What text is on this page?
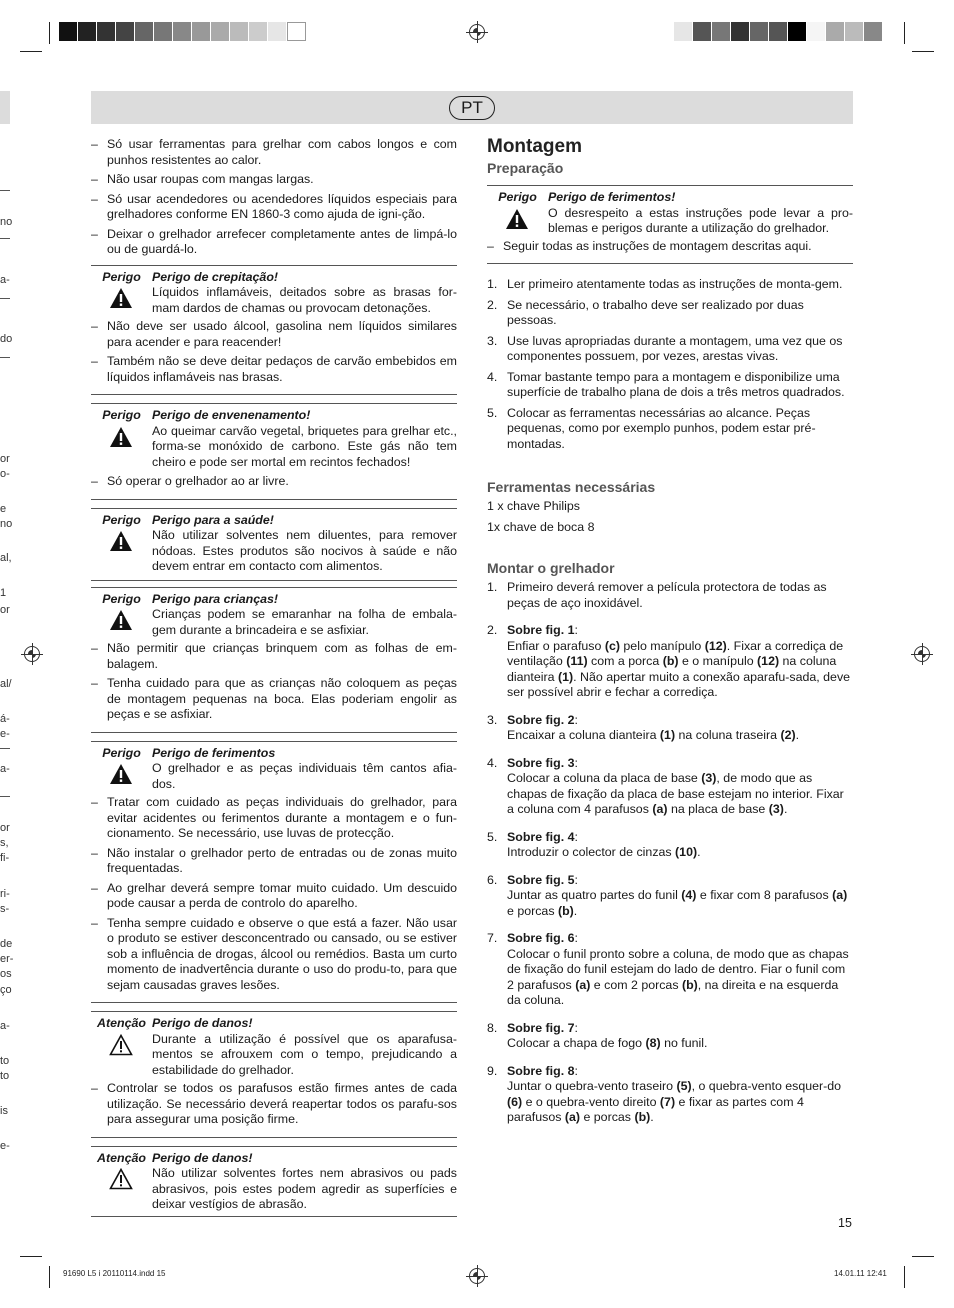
no
a-
do
or
o-
e
no
al,
1
or
al/
á-
e-
a-
or
s,
fi-
ri-
s-
de
er-
os
ço
a-
to
to
is
e-
PT
– Só usar ferramentas para grelhar com cabos longos e com punhos resistentes ao calor.
– Não usar roupas com mangas largas.
– Só usar acendedores ou acendedores líquidos especiais para grelhadores conforme EN 1860-3 como ajuda de igni-ção.
– Deixar o grelhador arrefecer completamente antes de limpá-lo ou de guardá-lo.
Perigo Perigo de crepitação!
Líquidos inflamáveis, deitados sobre as brasas for-mam dardos de chamas ou provocam detonações.
– Não deve ser usado álcool, gasolina nem líquidos similares para acender e para reacender!
– Também não se deve deitar pedaços de carvão embebidos em líquidos inflamáveis nas brasas.
Perigo Perigo de envenenamento!
Ao queimar carvão vegetal, briquetes para grelhar etc., forma-se monóxido de carbono. Este gás não tem cheiro e pode ser mortal em recintos fechados!
– Só operar o grelhador ao ar livre.
Perigo Perigo para a saúde!
Não utilizar solventes nem diluentes, para remover nódoas. Estes produtos são nocivos à saúde e não devem entrar em contacto com alimentos.
Perigo Perigo para crianças!
Crianças podem se emaranhar na folha de embala-gem durante a brincadeira e se asfixiar.
– Não permitir que crianças brinquem com as folhas de em-balagem.
– Tenha cuidado para que as crianças não coloquem as peças de montagem pequenas na boca. Elas poderiam engolir as peças e se asfixiar.
Perigo Perigo de ferimentos
O grelhador e as peças individuais têm cantos afia-dos.
– Tratar com cuidado as peças individuais do grelhador, para evitar acidentes ou ferimentos durante a montagem e o fun-cionamento. Se necessário, use luvas de protecção.
– Não instalar o grelhador perto de entradas ou de zonas muito frequentadas.
– Ao grelhar deverá sempre tomar muito cuidado. Um descuido pode causar a perda de controlo do aparelho.
– Tenha sempre cuidado e observe o que está a fazer. Não usar o produto se estiver desconcentrado ou cansado, ou se estiver sob a influência de drogas, álcool ou remédios. Basta um curto momento de inadvertência durante o uso do produ-to, para que sejam causadas graves lesões.
Atenção Perigo de danos!
Durante a utilização é possível que os aparafusa-mentos se afrouxem com o tempo, prejudicando a estabilidade do grelhador.
– Controlar se todos os parafusos estão firmes antes de cada utilização. Se necessário deverá reapertar todos os parafu-sos para assegurar uma posição firme.
Atenção Perigo de danos!
Não utilizar solventes fortes nem abrasivos ou pads abrasivos, pois estes podem agredir as superfícies e deixar vestígios de abrasão.
Montagem
Preparação
Perigo Perigo de ferimentos!
O desrespeito a estas instruções pode levar a pro-blemas e perigos durante a utilização do grelhador.
– Seguir todas as instruções de montagem descritas aqui.
1. Ler primeiro atentamente todas as instruções de monta-gem.
2. Se necessário, o trabalho deve ser realizado por duas pessoas.
3. Use luvas apropriadas durante a montagem, uma vez que os componentes possuem, por vezes, arestas vivas.
4. Tomar bastante tempo para a montagem e disponibilize uma superfície de trabalho plana de dois a três metros quadrados.
5. Colocar as ferramentas necessárias ao alcance. Peças pequenas, como por exemplo punhos, podem estar pré-montadas.
Ferramentas necessárias
1 x chave Philips
1x chave de boca 8
Montar o grelhador
1. Primeiro deverá remover a película protectora de todas as peças de aço inoxidável.
2. Sobre fig. 1:
Enfiar o parafuso (c) pelo manípulo (12). Fixar a corrediça de ventilação (11) com a porca (b) e o manípulo (12) na coluna dianteira (1). Não apertar muito a conexão aparafu-sada, deve ser possível abrir e fechar a corrediça.
3. Sobre fig. 2:
Encaixar a coluna dianteira (1) na coluna traseira (2).
4. Sobre fig. 3:
Colocar a coluna da placa de base (3), de modo que as chapas de fixação da placa de base estejam no interior. Fixar a coluna com 4 parafusos (a) na placa de base (3).
5. Sobre fig. 4:
Introduzir o colector de cinzas (10).
6. Sobre fig. 5:
Juntar as quatro partes do funil (4) e fixar com 8 parafusos (a) e porcas (b).
7. Sobre fig. 6:
Colocar o funil pronto sobre a coluna, de modo que as chapas de fixação do funil estejam do lado de dentro. Fiar o funil com 2 parafusos (a) e com 2 porcas (b), na direita e na esquerda da coluna.
8. Sobre fig. 7:
Colocar a chapa de fogo (8) no funil.
9. Sobre fig. 8:
Juntar o quebra-vento traseiro (5), o quebra-vento esquer-do (6) e o quebra-vento direito (7) e fixar as partes com 4 parafusos (a) e porcas (b).
15
91690 L5 i 20110114.indd 15	14.01.11 12:41
